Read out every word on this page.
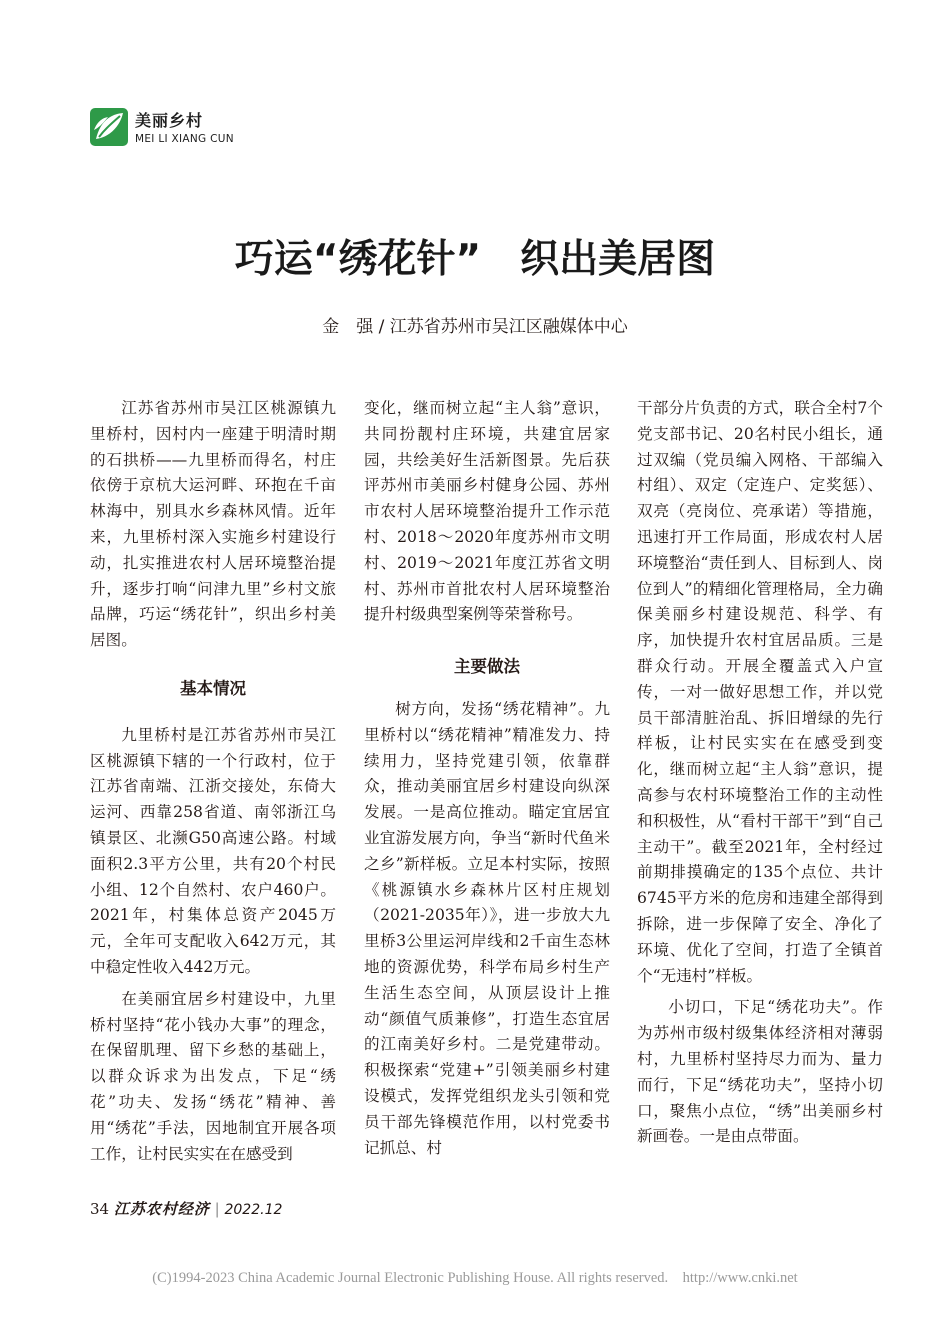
美丽乡村
MEI LI XIANG CUN
巧运“绣花针”　织出美居图
金　强 / 江苏省苏州市吴江区融媒体中心

江苏省苏州市吴江区桃源镇九里桥村，因村内一座建于明清时期的石拱桥——九里桥而得名，村庄依傍于京杭大运河畔、环抱在千亩林海中，别具水乡森林风情。近年来，九里桥村深入实施乡村建设行动，扎实推进农村人居环境整治提升，逐步打响“问津九里”乡村文旅品牌，巧运“绣花针”，织出乡村美居图。

基本情况

九里桥村是江苏省苏州市吴江区桃源镇下辖的一个行政村，位于江苏省南端、江浙交接处，东倚大运河、西靠258省道、南邻浙江乌镇景区、北濒G50高速公路。村域面积2.3平方公里，共有20个村民小组、12个自然村、农户460户。2021年，村集体总资产2045万元，全年可支配收入642万元，其中稳定性收入442万元。

在美丽宜居乡村建设中，九里桥村坚持“花小钱办大事”的理念，在保留肌理、留下乡愁的基础上，以群众诉求为出发点，下足“绣花”功夫、发扬“绣花”精神、善用“绣花”手法，因地制宜开展各项工作，让村民实实在在感受到

变化，继而树立起“主人翁”意识，共同扮靓村庄环境，共建宜居家园，共绘美好生活新图景。先后获评苏州市美丽乡村健身公园、苏州市农村人居环境整治提升工作示范村、2018～2020年度苏州市文明村、2019～2021年度江苏省文明村、苏州市首批农村人居环境整治提升村级典型案例等荣誉称号。

主要做法

树方向，发扬“绣花精神”。九里桥村以“绣花精神”精准发力、持续用力，坚持党建引领，依靠群众，推动美丽宜居乡村建设向纵深发展。一是高位推动。瞄定宜居宜业宜游发展方向，争当“新时代鱼米之乡”新样板。立足本村实际，按照《桃源镇水乡森林片区村庄规划（2021-2035年）》，进一步放大九里桥3公里运河岸线和2千亩生态林地的资源优势，科学布局乡村生产生活生态空间，从顶层设计上推动“颜值气质兼修”，打造生态宜居的江南美好乡村。二是党建带动。积极探索“党建+”引领美丽乡村建设模式，发挥党组织龙头引领和党员干部先锋模范作用，以村党委书记抓总、村

干部分片负责的方式，联合全村7个党支部书记、20名村民小组长，通过双编（党员编入网格、干部编入村组）、双定（定连户、定奖惩）、双亮（亮岗位、亮承诺）等措施，迅速打开工作局面，形成农村人居环境整治“责任到人、目标到人、岗位到人”的精细化管理格局，全力确保美丽乡村建设规范、科学、有序，加快提升农村宜居品质。三是群众行动。开展全覆盖式入户宣传，一对一做好思想工作，并以党员干部清脏治乱、拆旧增绿的先行样板，让村民实实在在感受到变化，继而树立起“主人翁”意识，提高参与农村环境整治工作的主动性和积极性，从“看村干部干”到“自己主动干”。截至2021年，全村经过前期排摸确定的135个点位、共计6745平方米的危房和违建全部得到拆除，进一步保障了安全、净化了环境、优化了空间，打造了全镇首个“无违村”样板。

小切口，下足“绣花功夫”。作为苏州市级村级集体经济相对薄弱村，九里桥村坚持尽力而为、量力而行，下足“绣花功夫”，坚持小切口，聚焦小点位，“绣”出美丽乡村新画卷。一是由点带面。

34 江苏农村经济 | 2022.12
(C)1994-2023 China Academic Journal Electronic Publishing House. All rights reserved.    http://www.cnki.net
